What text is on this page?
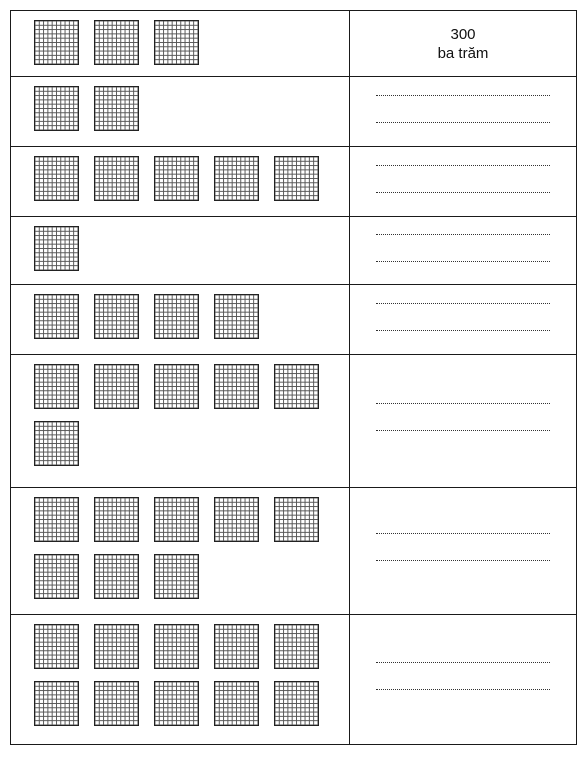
	300
ba trăm
